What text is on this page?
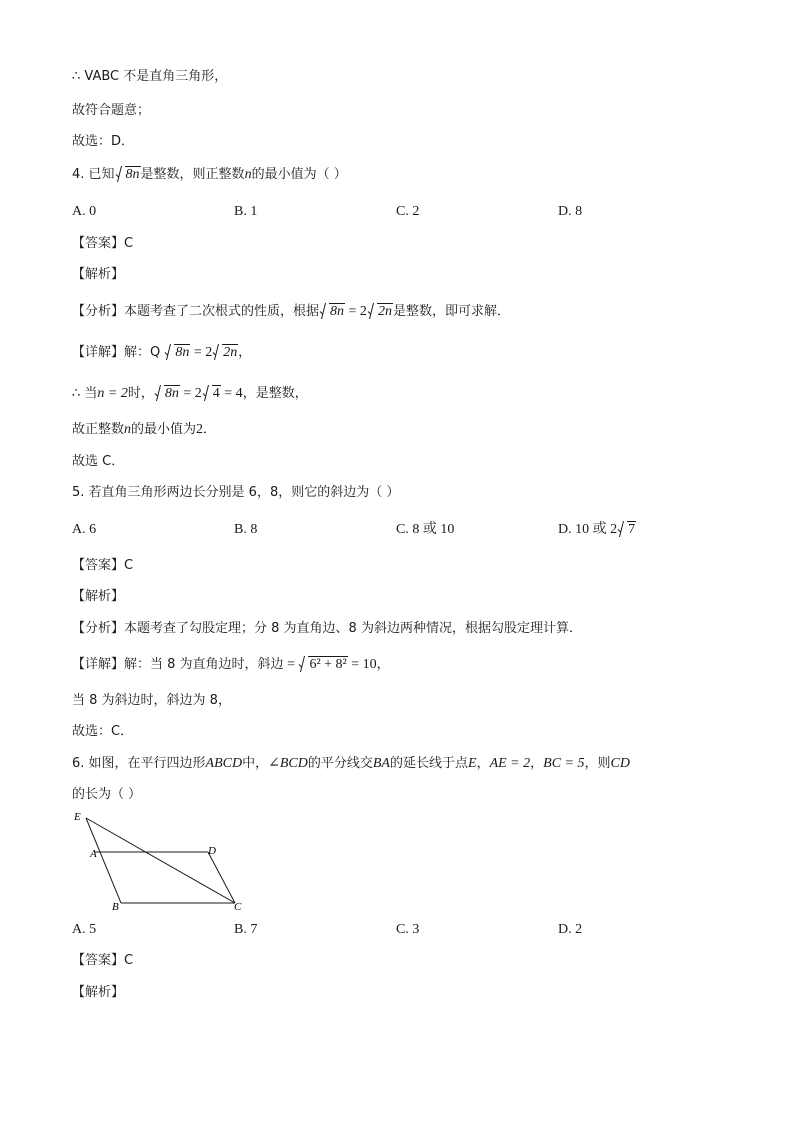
∴ VABC 不是直角三角形，
故符合题意；
故选：D．
4. 已知 8n是整数，则正整数n的最小值为（ ）
A. 0	B. 1	C. 2	D. 8
【答案】C
【解析】
【分析】本题考查了二次根式的性质，根据 8n = 2 2n是整数，即可求解．
【详解】解：Q 8n = 2 2n，
∴ 当n = 2时， 8n = 2 4 = 4，是整数，
故正整数n的最小值为2．
故选 C．
5. 若直角三角形两边长分别是 6，8，则它的斜边为（ ）
A. 6	B. 8	C. 8 或 10	D. 10 或 2 7
【答案】C
【解析】
【分析】本题考查了勾股定理；分 8 为直角边、8 为斜边两种情况，根据勾股定理计算．
【详解】解：当 8 为直角边时，斜边 = 6² + 8² = 10，
当 8 为斜边时，斜边为 8，
故选：C．
6. 如图，在平行四边形ABCD中，∠BCD的平分线交BA的延长线于点E，AE = 2，BC = 5，则CD
的长为（ ）
E
A	D
B	C
A. 5	B. 7	C. 3	D. 2
【答案】C
【解析】
